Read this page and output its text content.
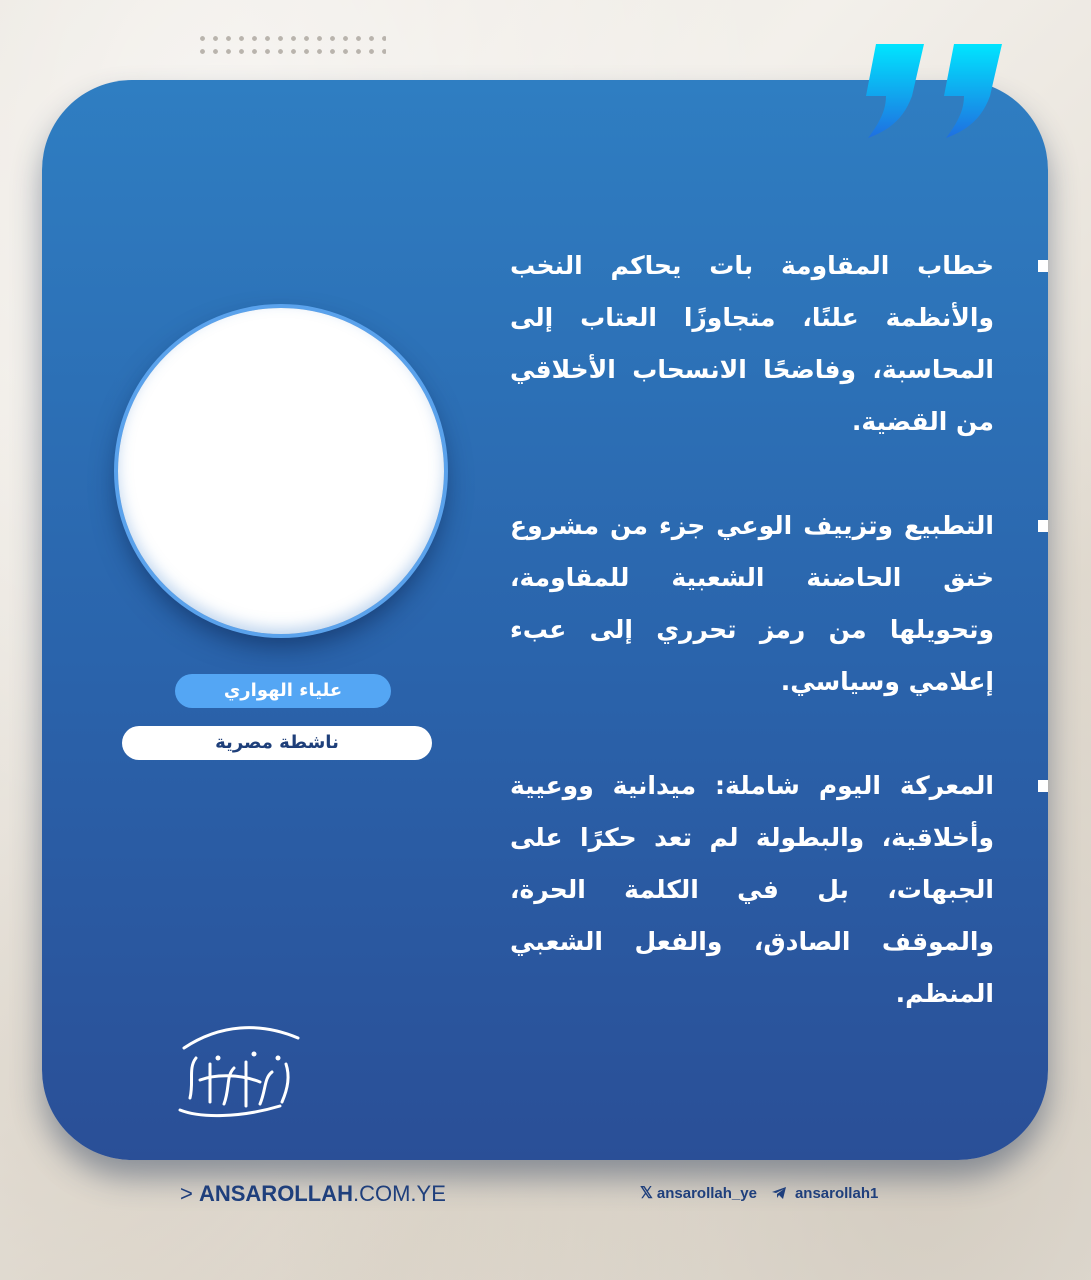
علياء الهواري
ناشطة مصرية
خطاب المقاومة بات يحاكم النخب والأنظمة علنًا، متجاوزًا العتاب إلى المحاسبة، وفاضحًا الانسحاب الأخلاقي من القضية.
التطبيع وتزييف الوعي جزء من مشروع خنق الحاضنة الشعبية للمقاومة، وتحويلها من رمز تحرري إلى عبء إعلامي وسياسي.
المعركة اليوم شاملة: ميدانية ووعيية وأخلاقية، والبطولة لم تعد حكرًا على الجبهات، بل في الكلمة الحرة، والموقف الصادق، والفعل الشعبي المنظم.
> ANSAROLLAH.COM.YE	𝕏 ansarollah_ye	ansarollah1
